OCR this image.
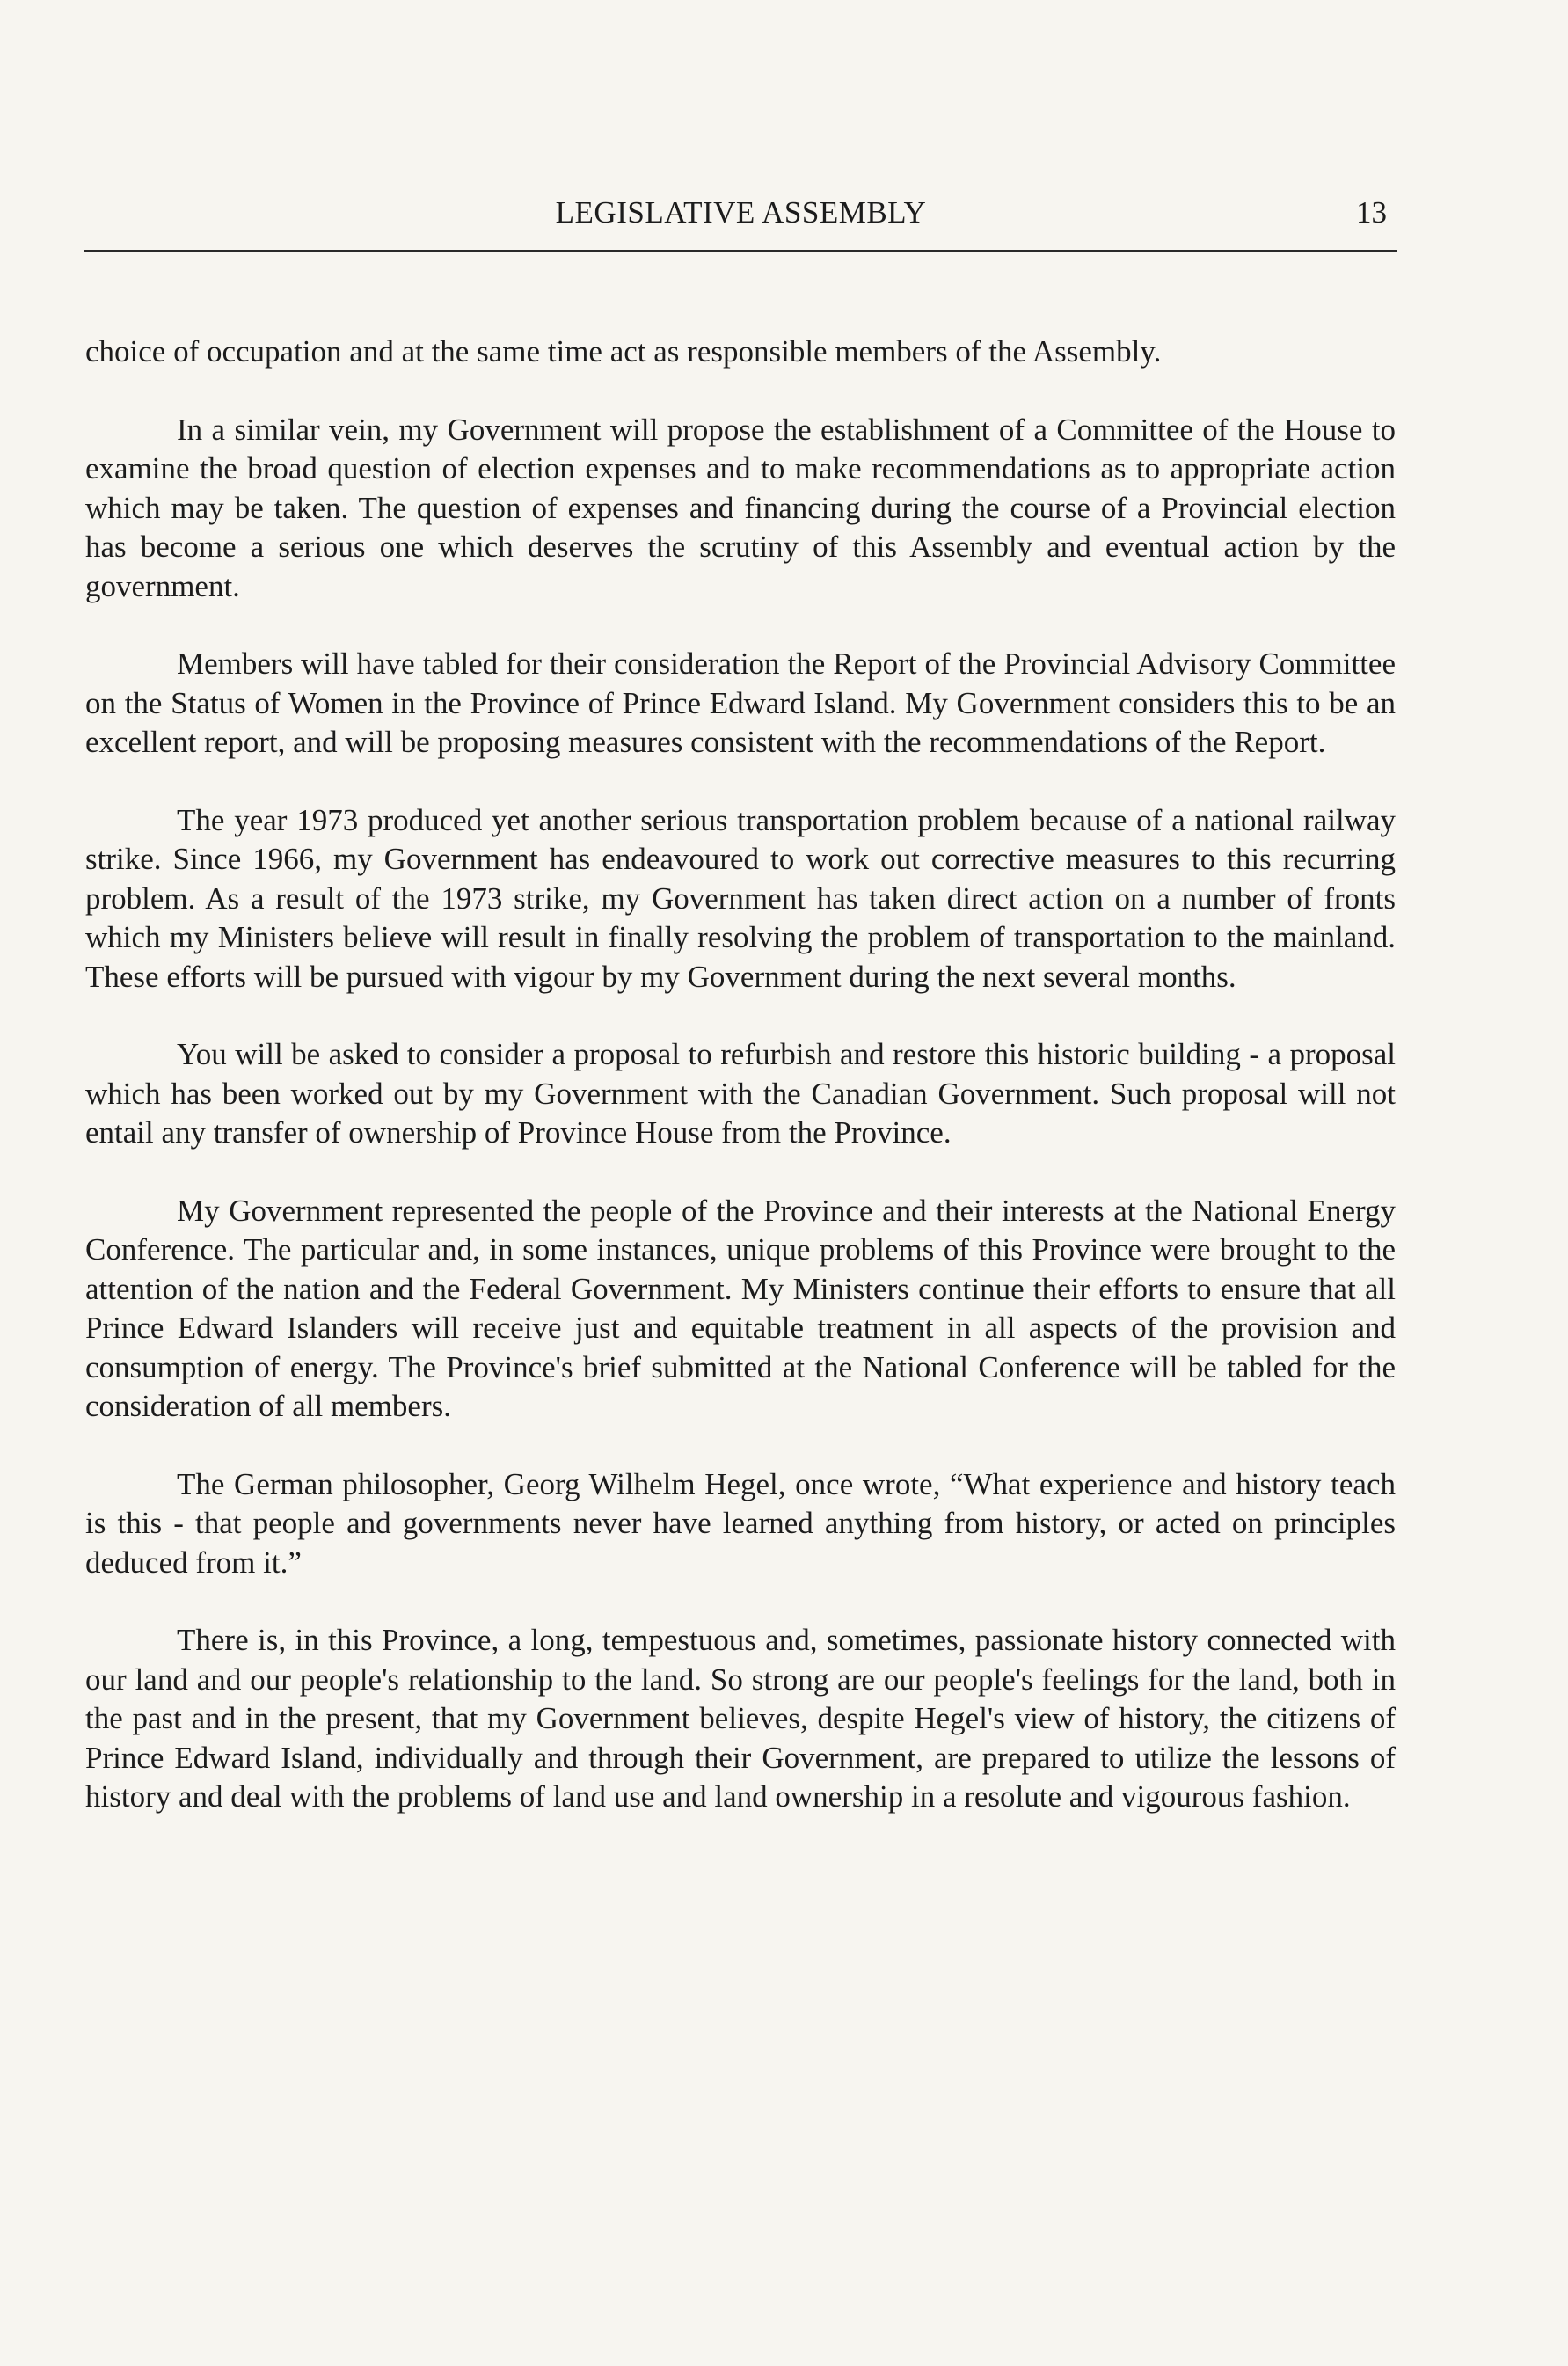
LEGISLATIVE ASSEMBLY	13

choice of occupation and at the same time act as responsible members of the Assembly.

In a similar vein, my Government will propose the establishment of a Committee of the House to examine the broad question of election expenses and to make recommendations as to appropriate action which may be taken. The question of expenses and financing during the course of a Provincial election has become a serious one which deserves the scrutiny of this Assembly and eventual action by the government.

Members will have tabled for their consideration the Report of the Provincial Advisory Committee on the Status of Women in the Province of Prince Edward Island. My Government considers this to be an excellent report, and will be proposing measures consistent with the recommendations of the Report.

The year 1973 produced yet another serious transportation problem because of a national railway strike. Since 1966, my Government has endeavoured to work out corrective measures to this recurring problem. As a result of the 1973 strike, my Government has taken direct action on a number of fronts which my Ministers believe will result in finally resolving the problem of transportation to the mainland. These efforts will be pursued with vigour by my Government during the next several months.

You will be asked to consider a proposal to refurbish and restore this historic building - a proposal which has been worked out by my Government with the Canadian Government. Such proposal will not entail any transfer of ownership of Province House from the Province.

My Government represented the people of the Province and their interests at the National Energy Conference. The particular and, in some instances, unique problems of this Province were brought to the attention of the nation and the Federal Government. My Ministers continue their efforts to ensure that all Prince Edward Islanders will receive just and equitable treatment in all aspects of the provision and consumption of energy. The Province's brief submitted at the National Conference will be tabled for the consideration of all members.

The German philosopher, Georg Wilhelm Hegel, once wrote, “What experience and history teach is this - that people and governments never have learned anything from history, or acted on principles deduced from it.”

There is, in this Province, a long, tempestuous and, sometimes, passionate history connected with our land and our people's relationship to the land. So strong are our people's feelings for the land, both in the past and in the present, that my Government believes, despite Hegel's view of history, the citizens of Prince Edward Island, individually and through their Government, are prepared to utilize the lessons of history and deal with the problems of land use and land ownership in a resolute and vigourous fashion.
